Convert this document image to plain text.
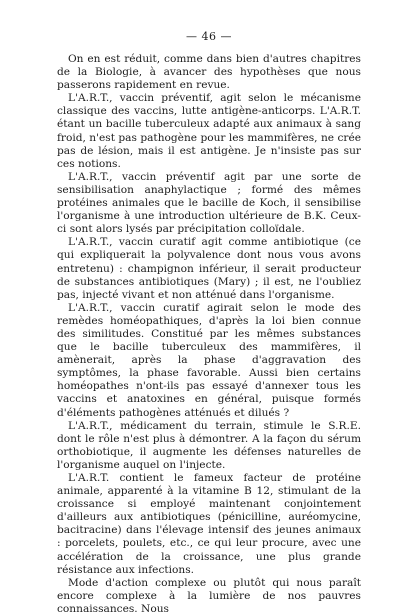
— 46 —

On en est réduit, comme dans bien d'autres chapitres de la Biologie, à avancer des hypothèses que nous passerons rapidement en revue.

L'A.R.T., vaccin préventif, agit selon le mécanisme classique des vaccins, lutte antigène-anticorps. L'A.R.T. étant un bacille tuberculeux adapté aux animaux à sang froid, n'est pas pathogène pour les mammifères, ne crée pas de lésion, mais il est antigène. Je n'insiste pas sur ces notions.

L'A.R.T., vaccin préventif agit par une sorte de sensibilisation anaphylactique ; formé des mêmes protéines animales que le bacille de Koch, il sensibilise l'organisme à une introduction ultérieure de B.K. Ceux-ci sont alors lysés par précipitation colloïdale.

L'A.R.T., vaccin curatif agit comme antibiotique (ce qui expliquerait la polyvalence dont nous vous avons entretenu) : champignon inférieur, il serait producteur de substances antibiotiques (Mary) ; il est, ne l'oubliez pas, injecté vivant et non atténué dans l'organisme.

L'A.R.T., vaccin curatif agirait selon le mode des remèdes homéopathiques, d'après la loi bien connue des similitudes. Constitué par les mêmes substances que le bacille tuberculeux des mammifères, il amènerait, après la phase d'aggravation des symptômes, la phase favorable. Aussi bien certains homéopathes n'ont-ils pas essayé d'annexer tous les vaccins et anatoxines en général, puisque formés d'éléments pathogènes atténués et dilués ?

L'A.R.T., médicament du terrain, stimule le S.R.E. dont le rôle n'est plus à démontrer. A la façon du sérum orthobiotique, il augmente les défenses naturelles de l'organisme auquel on l'injecte.

L'A.R.T. contient le fameux facteur de protéine animale, apparenté à la vitamine B 12, stimulant de la croissance si employé maintenant conjointement d'ailleurs aux antibiotiques (pénicilline, auréomycine, bacitracine) dans l'élevage intensif des jeunes animaux : porcelets, poulets, etc., ce qui leur procure, avec une accélération de la croissance, une plus grande résistance aux infections.

Mode d'action complexe ou plutôt qui nous paraît encore complexe à la lumière de nos pauvres connaissances. Nous
